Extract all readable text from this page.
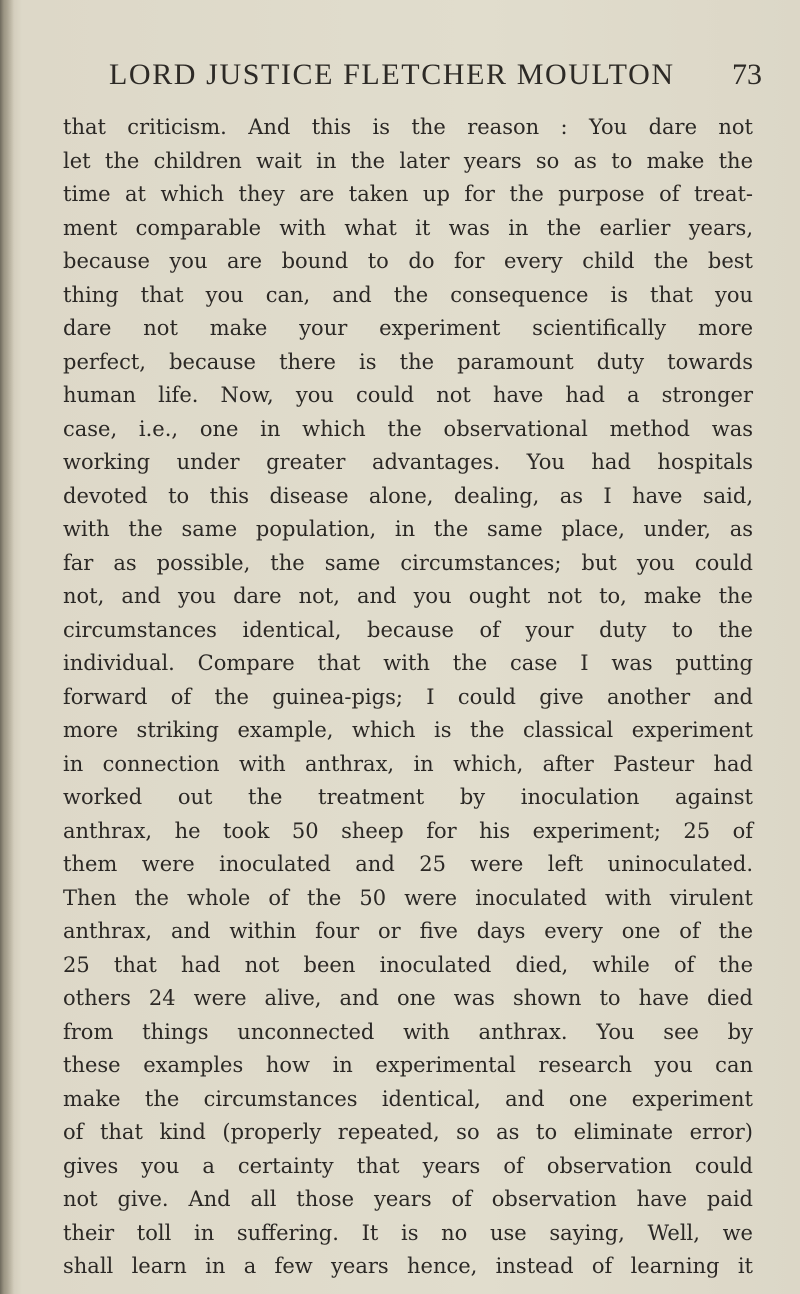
LORD JUSTICE FLETCHER MOULTON 73
that criticism. And this is the reason : You dare not
let the children wait in the later years so as to make the
time at which they are taken up for the purpose of treat-
ment comparable with what it was in the earlier years,
because you are bound to do for every child the best
thing that you can, and the consequence is that you
dare not make your experiment scientifically more
perfect, because there is the paramount duty towards
human life. Now, you could not have had a stronger
case, i.e., one in which the observational method was
working under greater advantages. You had hospitals
devoted to this disease alone, dealing, as I have said,
with the same population, in the same place, under, as
far as possible, the same circumstances; but you could
not, and you dare not, and you ought not to, make the
circumstances identical, because of your duty to the
individual. Compare that with the case I was putting
forward of the guinea-pigs; I could give another and
more striking example, which is the classical experiment
in connection with anthrax, in which, after Pasteur had
worked out the treatment by inoculation against
anthrax, he took 50 sheep for his experiment; 25 of
them were inoculated and 25 were left uninoculated.
Then the whole of the 50 were inoculated with virulent
anthrax, and within four or five days every one of the
25 that had not been inoculated died, while of the
others 24 were alive, and one was shown to have died
from things unconnected with anthrax. You see by
these examples how in experimental research you can
make the circumstances identical, and one experiment
of that kind (properly repeated, so as to eliminate error)
gives you a certainty that years of observation could
not give. And all those years of observation have paid
their toll in suffering. It is no use saying, Well, we
shall learn in a few years hence, instead of learning it
